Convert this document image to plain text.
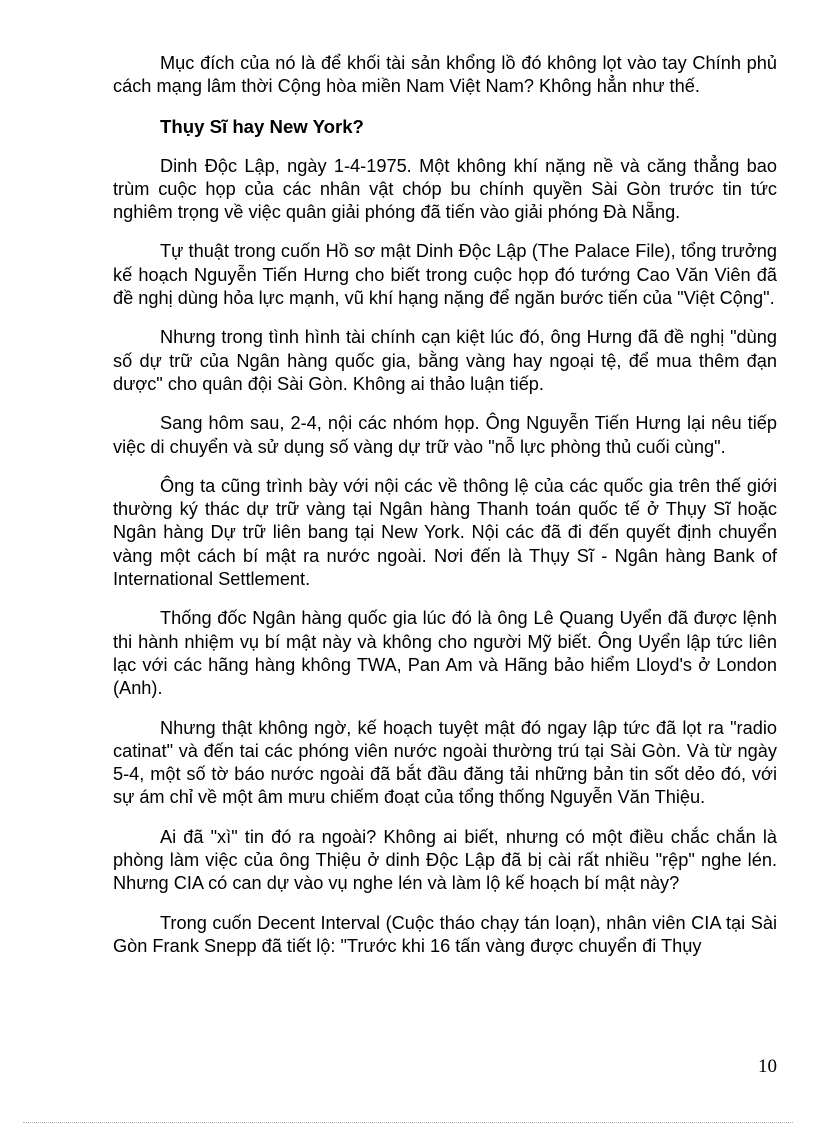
Mục đích của nó là để khối tài sản khổng lồ đó không lọt vào tay Chính phủ cách mạng lâm thời Cộng hòa miền Nam Việt Nam? Không hẳn như thế.

Thụy Sĩ hay New York?

Dinh Độc Lập, ngày 1-4-1975. Một không khí nặng nề và căng thẳng bao trùm cuộc họp của các nhân vật chóp bu chính quyền Sài Gòn trước tin tức nghiêm trọng về việc quân giải phóng đã tiến vào giải phóng Đà Nẵng.

Tự thuật trong cuốn Hồ sơ mật Dinh Độc Lập (The Palace File), tổng trưởng kế hoạch Nguyễn Tiến Hưng cho biết trong cuộc họp đó tướng Cao Văn Viên đã đề nghị dùng hỏa lực mạnh, vũ khí hạng nặng để ngăn bước tiến của "Việt Cộng".

Nhưng trong tình hình tài chính cạn kiệt lúc đó, ông Hưng đã đề nghị "dùng số dự trữ của Ngân hàng quốc gia, bằng vàng hay ngoại tệ, để mua thêm đạn dược" cho quân đội Sài Gòn. Không ai thảo luận tiếp.

Sang hôm sau, 2-4, nội các nhóm họp. Ông Nguyễn Tiến Hưng lại nêu tiếp việc di chuyển và sử dụng số vàng dự trữ vào "nỗ lực phòng thủ cuối cùng".

Ông ta cũng trình bày với nội các về thông lệ của các quốc gia trên thế giới thường ký thác dự trữ vàng tại Ngân hàng Thanh toán quốc tế ở Thụy Sĩ hoặc Ngân hàng Dự trữ liên bang tại New York. Nội các đã đi đến quyết định chuyển vàng một cách bí mật ra nước ngoài. Nơi đến là Thụy Sĩ - Ngân hàng Bank of International Settlement.

Thống đốc Ngân hàng quốc gia lúc đó là ông Lê Quang Uyển đã được lệnh thi hành nhiệm vụ bí mật này và không cho người Mỹ biết. Ông Uyển lập tức liên lạc với các hãng hàng không TWA, Pan Am và Hãng bảo hiểm Lloyd's ở London (Anh).

Nhưng thật không ngờ, kế hoạch tuyệt mật đó ngay lập tức đã lọt ra "radio catinat" và đến tai các phóng viên nước ngoài thường trú tại Sài Gòn. Và từ ngày 5-4, một số tờ báo nước ngoài đã bắt đầu đăng tải những bản tin sốt dẻo đó, với sự ám chỉ về một âm mưu chiếm đoạt của tổng thống Nguyễn Văn Thiệu.

Ai đã "xì" tin đó ra ngoài? Không ai biết, nhưng có một điều chắc chắn là phòng làm việc của ông Thiệu ở dinh Độc Lập đã bị cài rất nhiều "rệp" nghe lén. Nhưng CIA có can dự vào vụ nghe lén và làm lộ kế hoạch bí mật này?

Trong cuốn Decent Interval (Cuộc tháo chạy tán loạn), nhân viên CIA tại Sài Gòn Frank Snepp đã tiết lộ: "Trước khi 16 tấn vàng được chuyển đi Thụy

10
